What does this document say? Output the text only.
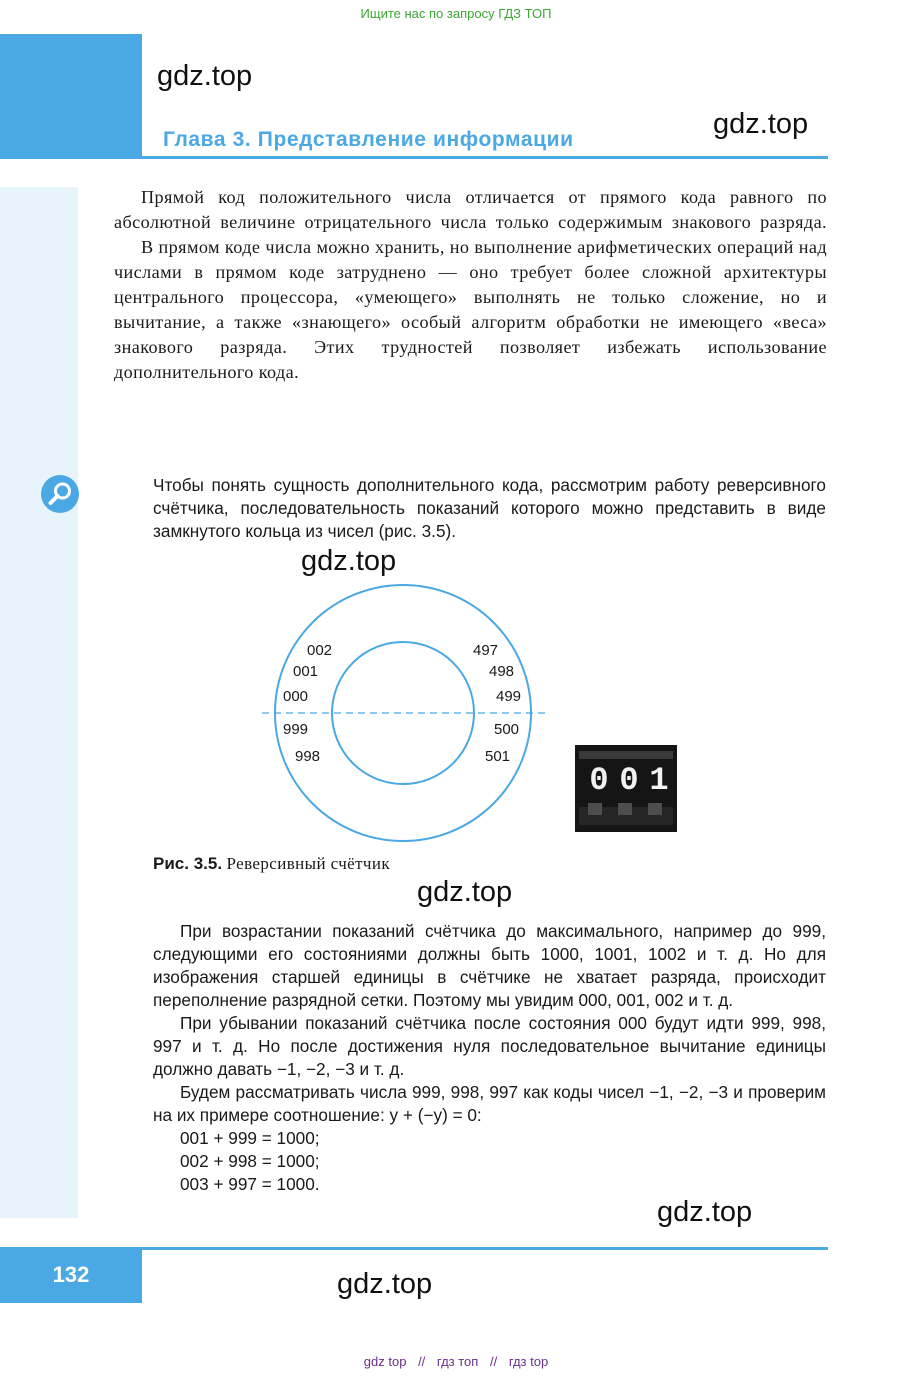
Ищите нас по запросу ГДЗ ТОП
gdz.top
gdz.top
Глава 3. Представление информации

Прямой код положительного числа отличается от прямого кода равного по абсолютной величине отрицательного числа только содержимым знакового разряда.

В прямом коде числа можно хранить, но выполнение арифметических операций над числами в прямом коде затруднено — оно требует более сложной архитектуры центрального процессора, «умеющего» выполнять не только сложение, но и вычитание, а также «знающего» особый алгоритм обработки не имеющего «веса» знакового разряда. Этих трудностей позволяет избежать использование дополнительного кода.

Чтобы понять сущность дополнительного кода, рассмотрим работу реверсивного счётчика, последовательность показаний которого можно представить в виде замкнутого кольца из чисел (рис. 3.5).

gdz.top
002
001
000
999
998
497
498
499
500
501
0 0 1
Рис. 3.5. Реверсивный счётчик
gdz.top

При возрастании показаний счётчика до максимального, например до 999, следующими его состояниями должны быть 1000, 1001, 1002 и т. д. Но для изображения старшей единицы в счётчике не хватает разряда, происходит переполнение разрядной сетки. Поэтому мы увидим 000, 001, 002 и т. д.

При убывании показаний счётчика после состояния 000 будут идти 999, 998, 997 и т. д. Но после достижения нуля последовательное вычитание единицы должно давать −1, −2, −3 и т. д.

Будем рассматривать числа 999, 998, 997 как коды чисел −1, −2, −3 и проверим на их примере соотношение: y + (−y) = 0:

001 + 999 = 1000;

002 + 998 = 1000;

003 + 997 = 1000.

gdz.top
132	gdz.top
gdz top // гдз топ // гдз top
